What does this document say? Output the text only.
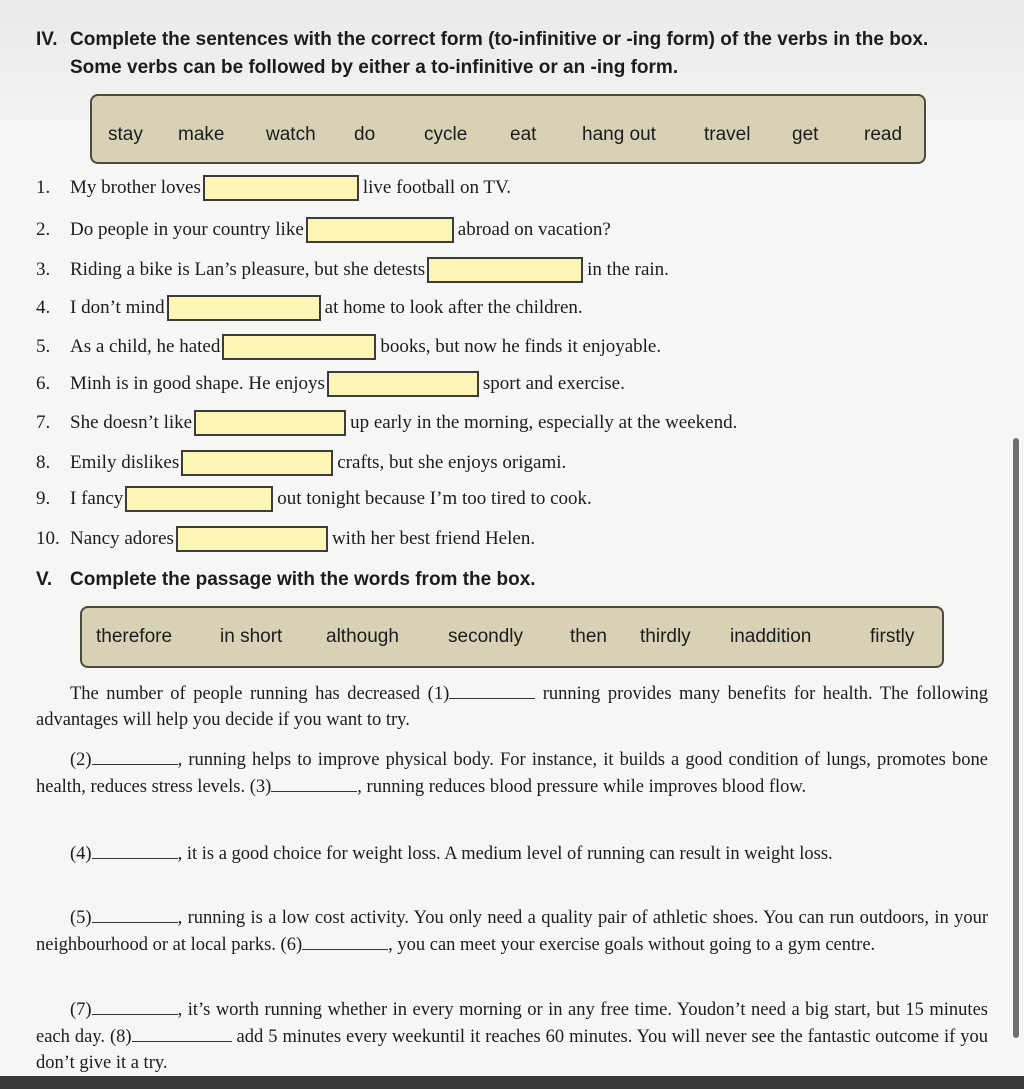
IV. Complete the sentences with the correct form (to-infinitive or -ing form) of the verbs in the box.
Some verbs can be followed by either a to-infinitive or an -ing form.
stay make watch do	cycle eat hang out	travel get read
1.	My brother loves	live football on TV.
2.	Do people in your country like	abroad on vacation?
3.	Riding a bike is Lan’s pleasure, but she detests	in the rain.
4.	I don’t mind	at home to look after the children.
5.	As a child, he hated	books, but now he finds it enjoyable.
6.	Minh is in good shape. He enjoys	sport and exercise.
7.	She doesn’t like	up early in the morning, especially at the weekend.
8.	Emily dislikes	crafts, but she enjoys origami.
9.	I fancy	out tonight because I’m too tired to cook.
10. Nancy adores	with her best friend Helen.
V. Complete the passage with the words from the box.
therefore	in short although	secondly then thirdly inaddition	firstly
The number of people running has decreased (1)	running provides many benefits for health. The following advantages will help you decide if you want to try.
(2)	, running helps to improve physical body. For instance, it builds a good condition of lungs, promotes bone health, reduces stress levels. (3)	, running reduces blood pressure while improves blood flow.
(4)	, it is a good choice for weight loss. A medium level of running can result in weight loss.
(5)	, running is a low cost activity. You only need a quality pair of athletic shoes. You can run outdoors, in your neighbourhood or at local parks. (6)	, you can meet your exercise goals without going to a gym centre.
(7)	, it’s worth running whether in every morning or in any free time. Youdon’t need a big start, but 15 minutes each day. (8)	add 5 minutes every weekuntil it reaches 60 minutes. You will never see the fantastic outcome if you don’t give it a try.
